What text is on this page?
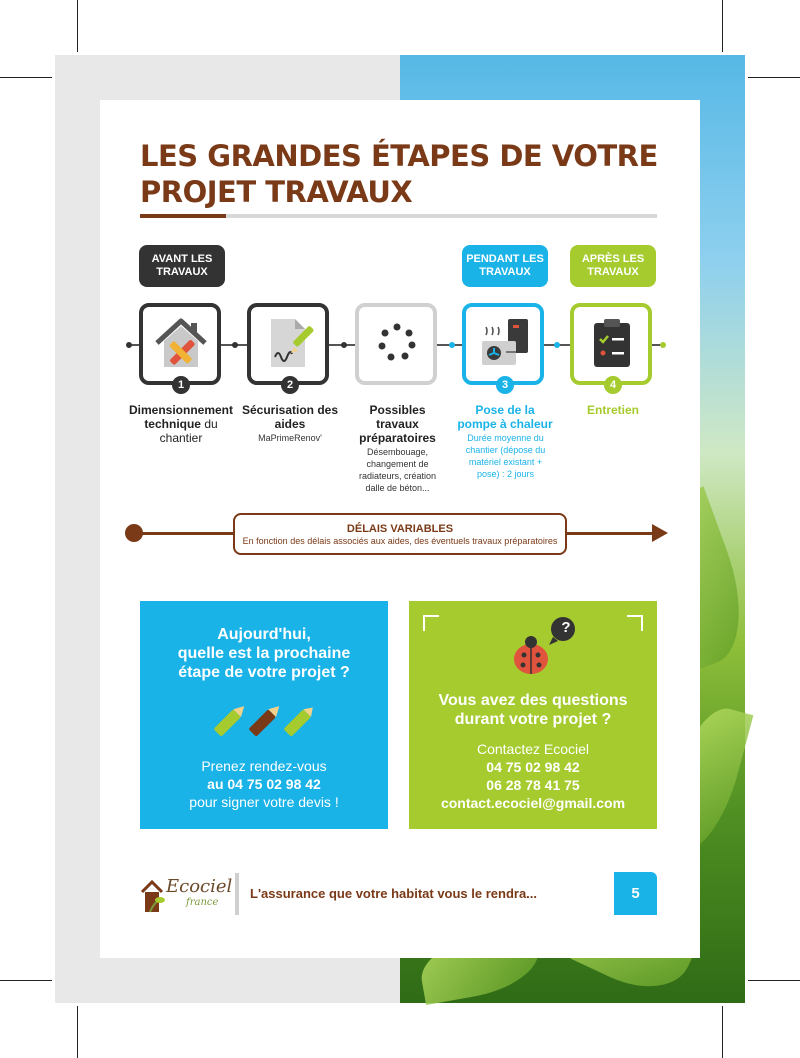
LES GRANDES ÉTAPES DE VOTRE PROJET TRAVAUX
AVANT LES TRAVAUX
PENDANT LES TRAVAUX
APRÈS LES TRAVAUX
1
Dimensionnement technique du chantier
2
Sécurisation des aides
MaPrimeRenov'
Possibles travaux préparatoires
Désembouage, changement de radiateurs, création dalle de béton...
3
Pose de la pompe à chaleur
Durée moyenne du chantier (dépose du matériel existant + pose) : 2 jours
4
Entretien
DÉLAIS VARIABLES
En fonction des délais associés aux aides, des éventuels travaux préparatoires
Aujourd'hui,
quelle est la prochaine
étape de votre projet ?
Prenez rendez-vous
au 04 75 02 98 42
pour signer votre devis !
?
Vous avez des questions
durant votre projet ?
Contactez Ecociel
04 75 02 98 42
06 28 78 41 75
contact.ecociel@gmail.com
Ecociel
france
L'assurance que votre habitat vous le rendra...	5
